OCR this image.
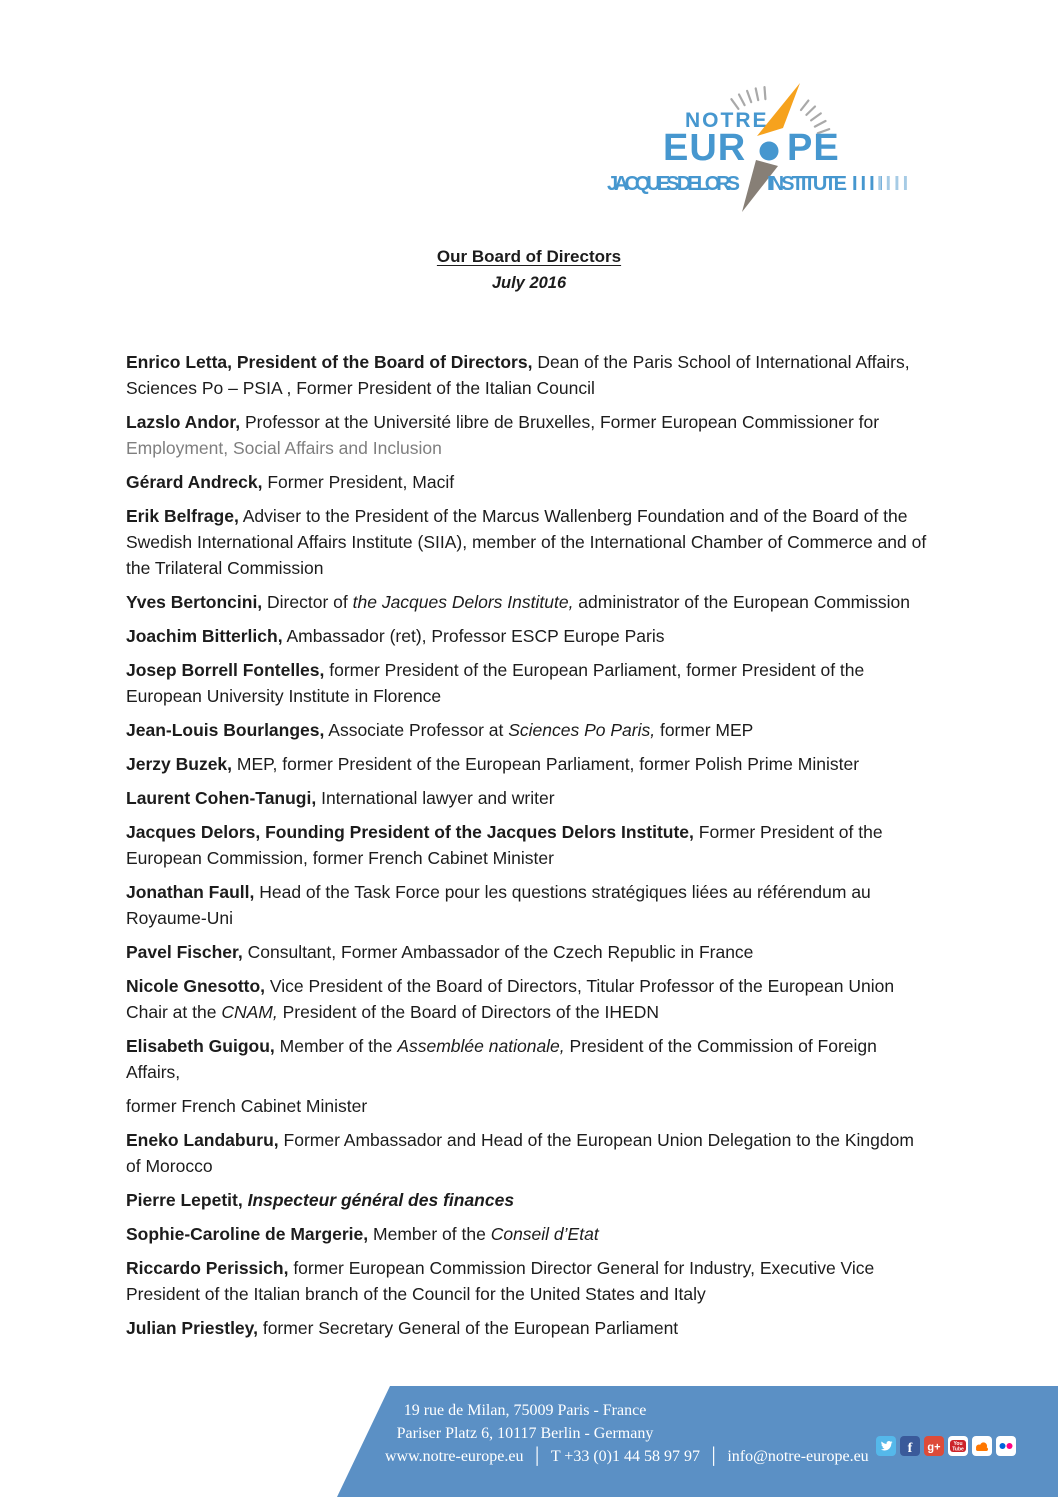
NOTRE
EUR PE
JACQUES DELORS INSTITUTE IIII
IIII
Our Board of Directors
July 2016

Enrico Letta, President of the Board of Directors, Dean of the Paris School of International Affairs, Sciences Po – PSIA , Former President of the Italian Council

Lazslo Andor, Professor at the Université libre de Bruxelles, Former European Commissioner for Employment, Social Affairs and Inclusion

Gérard Andreck, Former President, Macif

Erik Belfrage, Adviser to the President of the Marcus Wallenberg Foundation and of the Board of the Swedish International Affairs Institute (SIIA), member of the International Chamber of Commerce and of the Trilateral Commission

Yves Bertoncini, Director of the Jacques Delors Institute, administrator of the European Commission

Joachim Bitterlich, Ambassador (ret), Professor ESCP Europe Paris

Josep Borrell Fontelles, former President of the European Parliament, former President of the European University Institute in Florence

Jean-Louis Bourlanges, Associate Professor at Sciences Po Paris, former MEP

Jerzy Buzek, MEP, former President of the European Parliament, former Polish Prime Minister

Laurent Cohen-Tanugi, International lawyer and writer

Jacques Delors, Founding President of the Jacques Delors Institute, Former President of the European Commission, former French Cabinet Minister

Jonathan Faull, Head of the Task Force pour les questions stratégiques liées au référendum au Royaume-Uni

Pavel Fischer, Consultant, Former Ambassador of the Czech Republic in France

Nicole Gnesotto, Vice President of the Board of Directors, Titular Professor of the European Union Chair at the CNAM, President of the Board of Directors of the IHEDN

Elisabeth Guigou, Member of the Assemblée nationale, President of the Commission of Foreign Affairs,

former French Cabinet Minister

Eneko Landaburu, Former Ambassador and Head of the European Union Delegation to the Kingdom of Morocco

Pierre Lepetit, Inspecteur général des finances

Sophie-Caroline de Margerie, Member of the Conseil d’Etat

Riccardo Perissich, former European Commission Director General for Industry, Executive Vice President of the Italian branch of the Council for the United States and Italy

Julian Priestley, former Secretary General of the European Parliament

19 rue de Milan, 75009 Paris - France
Pariser Platz 6, 10117 Berlin - Germany
www.notre-europe.eu │ T +33 (0)1 44 58 97 97 │ info@notre-europe.eu	f g+	You
Tube
